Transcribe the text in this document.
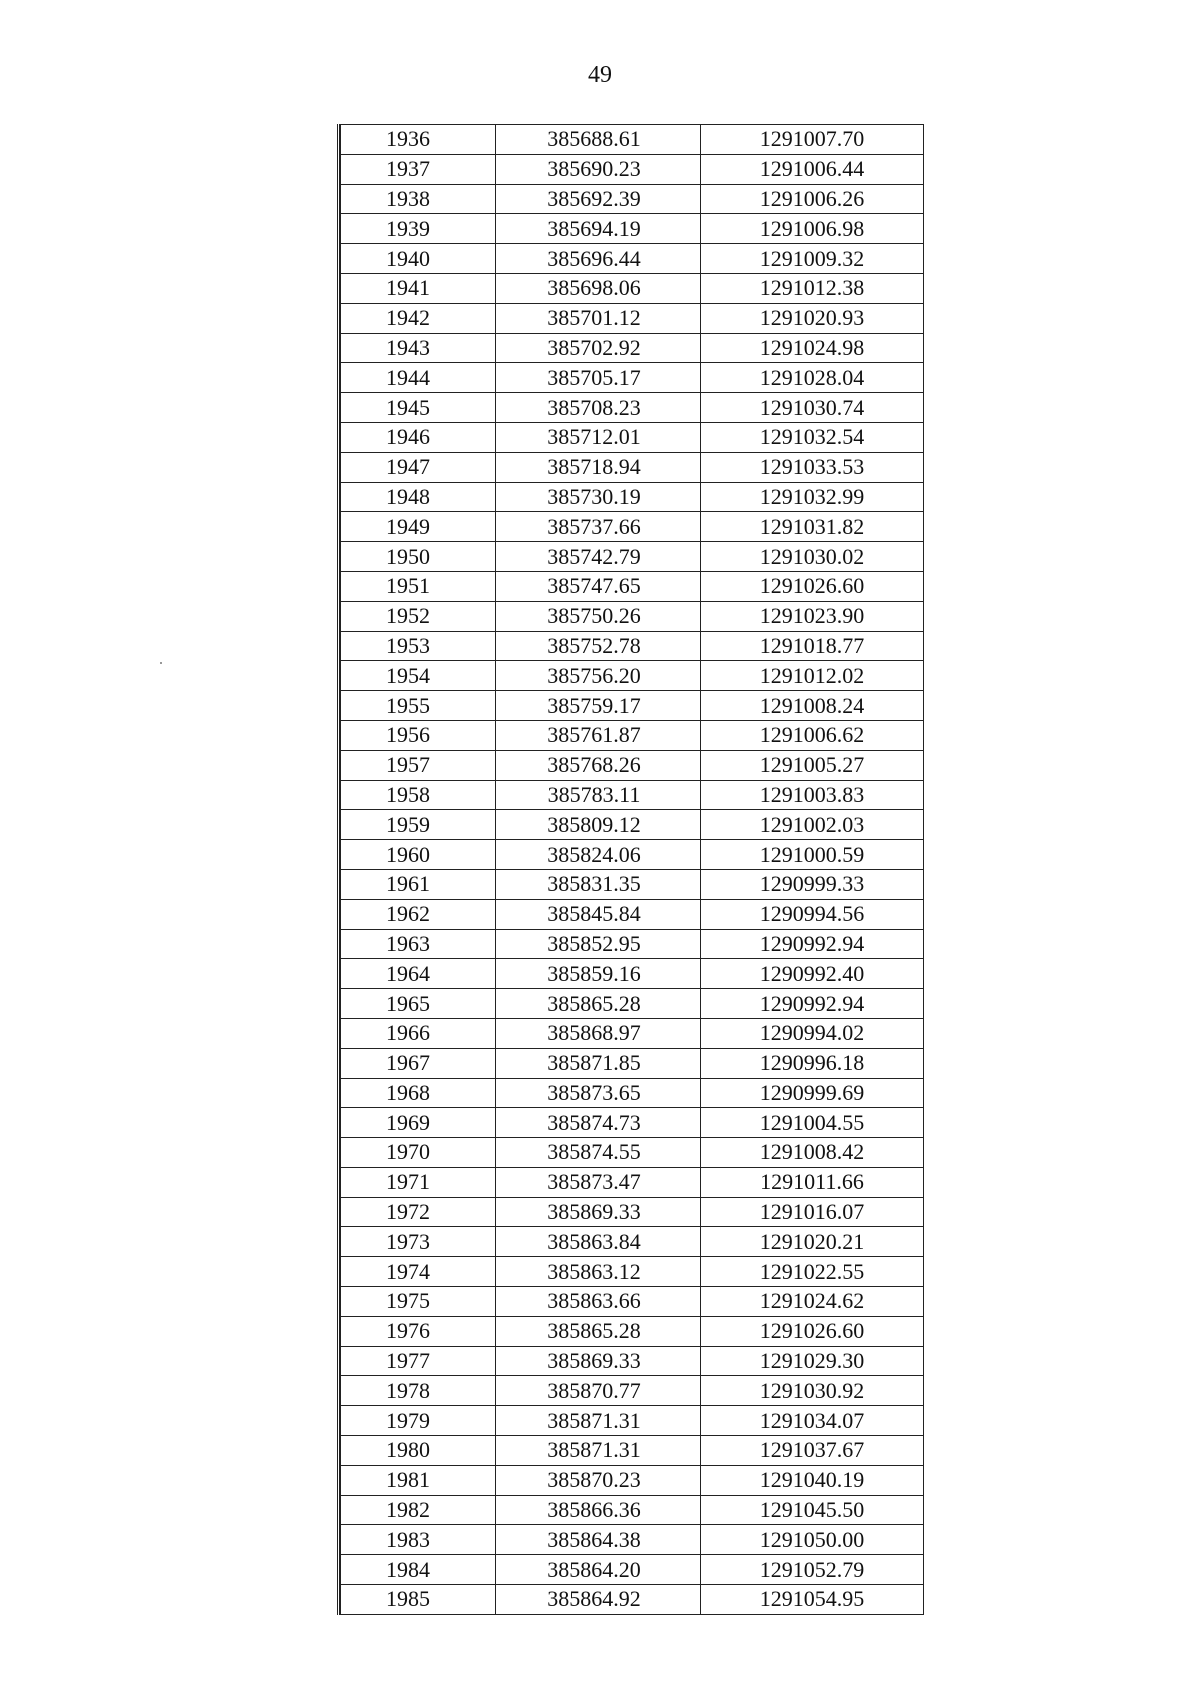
49
1936	385688.61	1291007.70
1937	385690.23	1291006.44
1938	385692.39	1291006.26
1939	385694.19	1291006.98
1940	385696.44	1291009.32
1941	385698.06	1291012.38
1942	385701.12	1291020.93
1943	385702.92	1291024.98
1944	385705.17	1291028.04
1945	385708.23	1291030.74
1946	385712.01	1291032.54
1947	385718.94	1291033.53
1948	385730.19	1291032.99
1949	385737.66	1291031.82
1950	385742.79	1291030.02
1951	385747.65	1291026.60
1952	385750.26	1291023.90
1953	385752.78	1291018.77
1954	385756.20	1291012.02
1955	385759.17	1291008.24
1956	385761.87	1291006.62
1957	385768.26	1291005.27
1958	385783.11	1291003.83
1959	385809.12	1291002.03
1960	385824.06	1291000.59
1961	385831.35	1290999.33
1962	385845.84	1290994.56
1963	385852.95	1290992.94
1964	385859.16	1290992.40
1965	385865.28	1290992.94
1966	385868.97	1290994.02
1967	385871.85	1290996.18
1968	385873.65	1290999.69
1969	385874.73	1291004.55
1970	385874.55	1291008.42
1971	385873.47	1291011.66
1972	385869.33	1291016.07
1973	385863.84	1291020.21
1974	385863.12	1291022.55
1975	385863.66	1291024.62
1976	385865.28	1291026.60
1977	385869.33	1291029.30
1978	385870.77	1291030.92
1979	385871.31	1291034.07
1980	385871.31	1291037.67
1981	385870.23	1291040.19
1982	385866.36	1291045.50
1983	385864.38	1291050.00
1984	385864.20	1291052.79
1985	385864.92	1291054.95
